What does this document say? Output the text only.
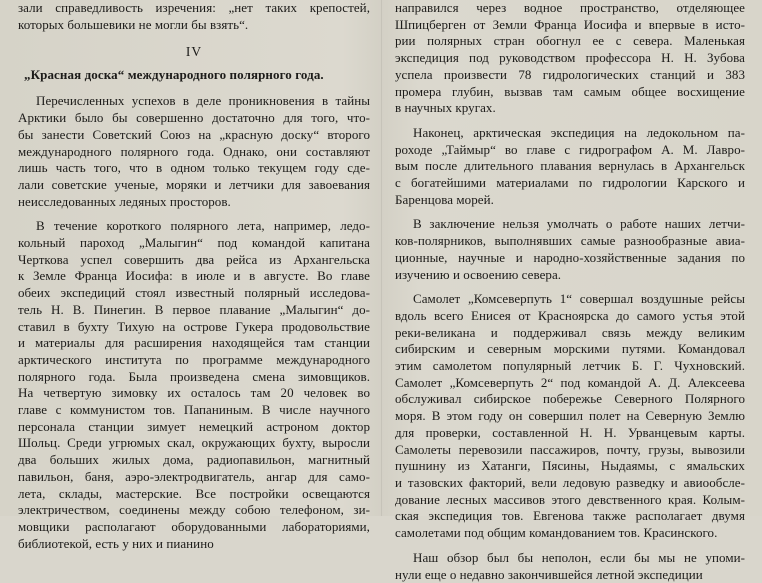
зали справедливость изречения: „нет таких крепостей,
которых большевики не могли бы взять“.
IV
„Красная доска“ международного полярного года.
Перечисленных успехов в деле проникновения в тайны
Арктики было бы совершенно достаточно для того, что-
бы занести Советский Союз на „красную доску“ второго
международного полярного года. Однако, они составляют
лишь часть того, что в одном только текущем году сде-
лали советские ученые, моряки и летчики для завоевания
неисследованных ледяных просторов.
В течение короткого полярного лета, например, ледо-
кольный пароход „Малыгин“ под командой капитана
Черткова успел совершить два рейса из Архангельска
к Земле Франца Иосифа: в июле и в августе. Во главе
обеих экспедиций стоял известный полярный исследова-
тель Н. В. Пинегин. В первое плавание „Малыгин“ до-
ставил в бухту Тихую на острове Гукера продовольствие
и материалы для расширения находящейся там станции
арктического института по программе международного
полярного года. Была произведена смена зимовщиков.
На четвертую зимовку их осталось там 20 человек во
главе с коммунистом тов. Папаниным. В числе научного
персонала станции зимует немецкий астроном доктор
Шольц. Среди угрюмых скал, окружающих бухту, выросли
два больших жилых дома, радиопавильон, магнитный
павильон, баня, аэро-электродвигатель, ангар для само-
лета, склады, мастерские. Все постройки освещаются
электричеством, соединены между собою телефоном, зи-
мовщики располагают оборудованными лабораториями,
библиотекой, есть у них и пианино
направился через водное пространство, отделяющее
Шпицберген от Земли Франца Иосифа и впервые в исто-
рии полярных стран обогнул ее с севера. Маленькая
экспедиция под руководством профессора Н. Н. Зубова
успела произвести 78 гидрологических станций и 383
промера глубин, вызвав там самым общее восхищение
в научных кругах.
Наконец, арктическая экспедиция на ледокольном па-
роходе „Таймыр“ во главе с гидрографом А. М. Лавро-
вым после длительного плавания вернулась в Архангельск
с богатейшими материалами по гидрологии Карского и
Баренцова морей.
В заключение нельзя умолчать о работе наших летчи-
ков-полярников, выполнявших самые разнообразные авиа-
ционные, научные и народно-хозяйственные задания по
изучению и освоению севера.
Самолет „Комсеверпуть 1“ совершал воздушные рейсы
вдоль всего Енисея от Красноярска до самого устья этой
реки-великана и поддерживал связь между великим
сибирским и северным морскими путями. Командовал
этим самолетом популярный летчик Б. Г. Чухновский.
Самолет „Комсеверпуть 2“ под командой А. Д. Алексеева
обслуживал сибирское побережье Северного Полярного
моря. В этом году он совершил полет на Северную Землю
для проверки, составленной Н. Н. Урванцевым карты.
Самолеты перевозили пассажиров, почту, грузы, вывозили
пушнину из Хатанги, Пясины, Ныдаямы, с ямальских
и тазовских факторий, вели ледовую разведку и авиообсле-
дование лесных массивов этого девственного края. Колым-
ская экспедиция тов. Евгенова также располагает двумя
самолетами под общим командованием тов. Красинского.
Наш обзор был бы неполон, если бы мы не упоми-
нули еще о недавно закончившейся летной экспедиции
